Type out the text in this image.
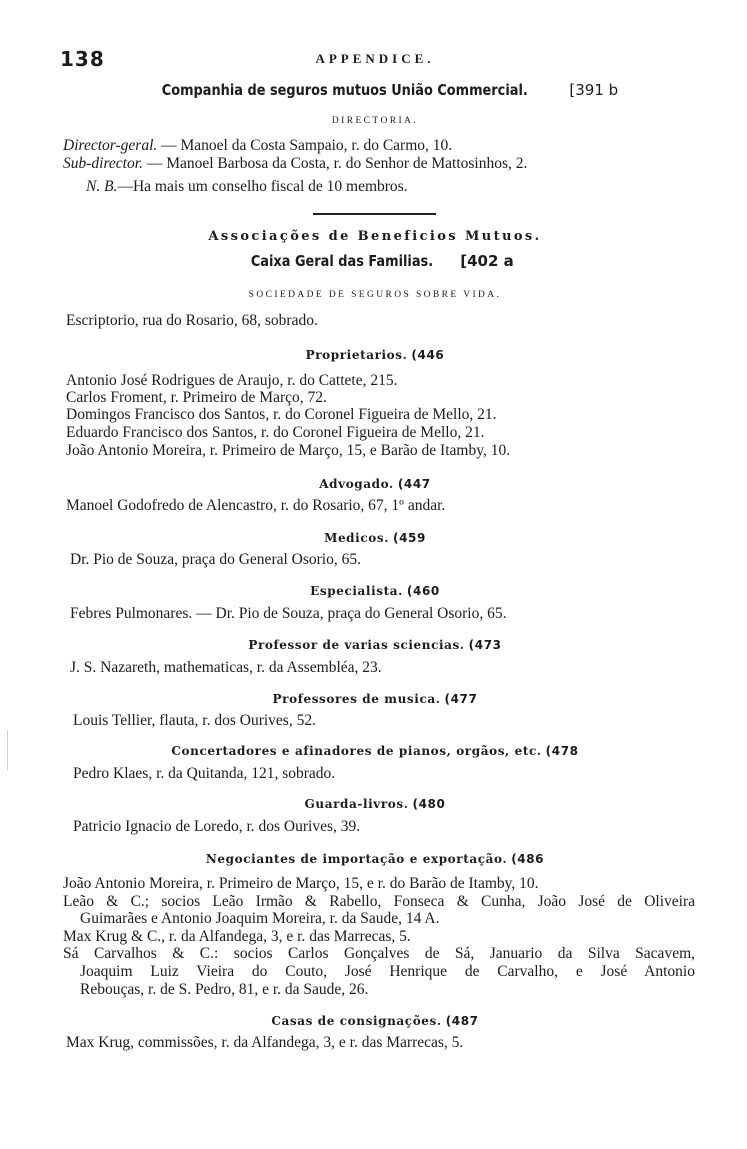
138	APPENDICE.
Companhia de seguros mutuos União Commercial.	[391 b
DIRECTORIA.
Director-geral. — Manoel da Costa Sampaio, r. do Carmo, 10.
Sub-director. — Manoel Barbosa da Costa, r. do Senhor de Mattosinhos, 2.
N. B.—Ha mais um conselho fiscal de 10 membros.
Associações de Beneficios Mutuos.
Caixa Geral das Familias. [402 a
SOCIEDADE DE SEGUROS SOBRE VIDA.
Escriptorio, rua do Rosario, 68, sobrado.
Proprietarios. (446
Antonio José Rodrigues de Araujo, r. do Cattete, 215.
Carlos Froment, r. Primeiro de Março, 72.
Domingos Francisco dos Santos, r. do Coronel Figueira de Mello, 21.
Eduardo Francisco dos Santos, r. do Coronel Figueira de Mello, 21.
João Antonio Moreira, r. Primeiro de Março, 15, e Barão de Itamby, 10.
Advogado. (447
Manoel Godofredo de Alencastro, r. do Rosario, 67, 1º andar.
Medicos. (459
Dr. Pio de Souza, praça do General Osorio, 65.
Especialista. (460
Febres Pulmonares. — Dr. Pio de Souza, praça do General Osorio, 65.
Professor de varias sciencias. (473
J. S. Nazareth, mathematicas, r. da Assembléa, 23.
Professores de musica. (477
Louis Tellier, flauta, r. dos Ourives, 52.
Concertadores e afinadores de pianos, orgãos, etc. (478
Pedro Klaes, r. da Quitanda, 121, sobrado.
Guarda-livros. (480
Patricio Ignacio de Loredo, r. dos Ourives, 39.
Negociantes de importação e exportação. (486
João Antonio Moreira, r. Primeiro de Março, 15, e r. do Barão de Itamby, 10.
Leão & C.; socios Leão Irmão & Rabello, Fonseca & Cunha, João José de Oliveira
Guimarães e Antonio Joaquim Moreira, r. da Saude, 14 A.
Max Krug & C., r. da Alfandega, 3, e r. das Marrecas, 5.
Sá Carvalhos & C.: socios Carlos Gonçalves de Sá, Januario da Silva Sacavem,
Joaquim Luiz Vieira do Couto, José Henrique de Carvalho, e José Antonio
Rebouças, r. de S. Pedro, 81, e r. da Saude, 26.
Casas de consignações. (487
Max Krug, commissões, r. da Alfandega, 3, e r. das Marrecas, 5.
